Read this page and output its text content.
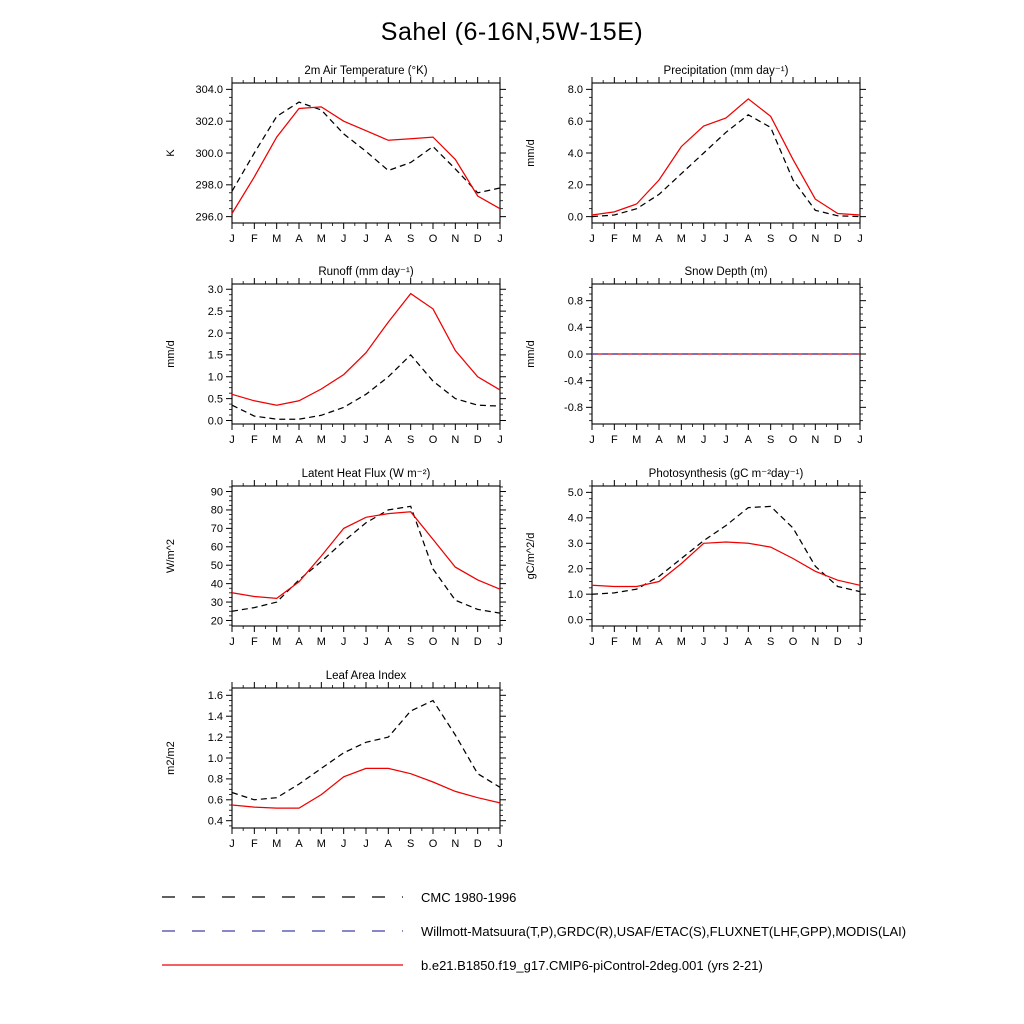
Sahel (6-16N,5W-15E)
2m Air Temperature (°K)
K
296.0
298.0
300.0
302.0
304.0
J F M A M J J A S O N D J
Precipitation (mm day⁻¹)
mm/d
0.0
2.0
4.0
6.0
8.0
J F M A M J J A S O N D J
Runoff (mm day⁻¹)
mm/d
0.0
0.5
1.0
1.5
2.0
2.5
3.0
J F M A M J J A S O N D J
Snow Depth (m)
mm/d
-0.8
-0.4
0.0
0.4
0.8
J F M A M J J A S O N D J
Latent Heat Flux (W m⁻²)
W/m^2
20
30
40
50
60
70
80
90
J F M A M J J A S O N D J
Photosynthesis (gC m⁻²day⁻¹)
gC/m^2/d
0.0
1.0
2.0
3.0
4.0
5.0
J F M A M J J A S O N D J
Leaf Area Index
m2/m2
0.4
0.6
0.8
1.0
1.2
1.4
1.6
J F M A M J J A S O N D J
CMC 1980-1996
Willmott-Matsuura(T,P),GRDC(R),USAF/ETAC(S),FLUXNET(LHF,GPP),MODIS(LAI)
b.e21.B1850.f19_g17.CMIP6-piControl-2deg.001 (yrs 2-21)
